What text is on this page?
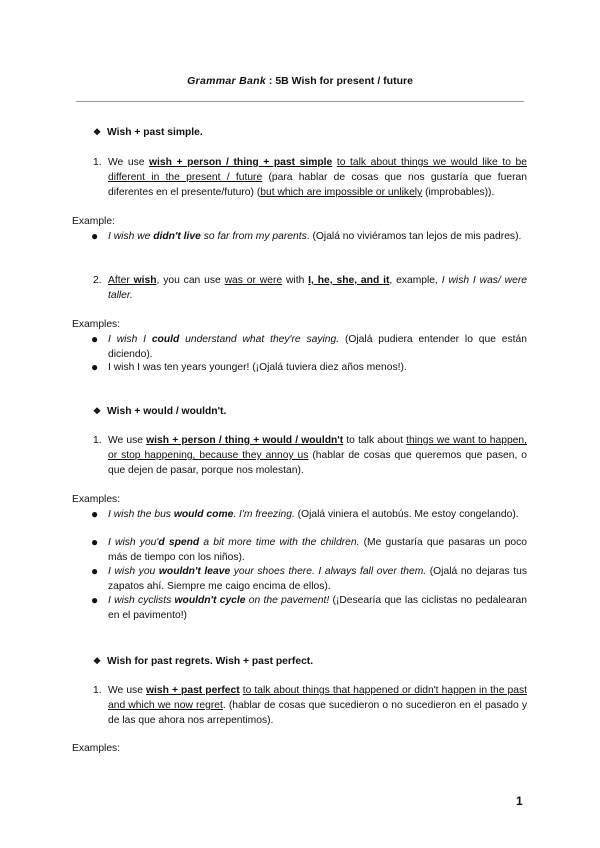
Grammar Bank : 5B Wish for present / future
❖ Wish + past simple.
1. We use wish + person / thing + past simple to talk about things we would like to be different in the present / future (para hablar de cosas que nos gustaría que fueran diferentes en el presente/futuro) (but which are impossible or unlikely (improbables)).
Example:
● I wish we didn't live so far from my parents. (Ojalá no viviéramos tan lejos de mis padres).
2. After wish, you can use was or were with I, he, she, and it, example, I wish I was/ were taller.
Examples:
● I wish I could understand what they're saying. (Ojalá pudiera entender lo que están diciendo).
● I wish I was ten years younger! (¡Ojalá tuviera diez años menos!).
❖ Wish + would / wouldn't.
1. We use wish + person / thing + would / wouldn't to talk about things we want to happen, or stop happening, because they annoy us (hablar de cosas que queremos que pasen, o que dejen de pasar, porque nos molestan).
Examples:
● I wish the bus would come. I'm freezing. (Ojalá viniera el autobús. Me estoy congelando).
● I wish you'd spend a bit more time with the children. (Me gustaría que pasaras un poco más de tiempo con los niños).
● I wish you wouldn't leave your shoes there. I always fall over them. (Ojalá no dejaras tus zapatos ahí. Siempre me caigo encima de ellos).
● I wish cyclists wouldn't cycle on the pavement! (¡Desearía que las ciclistas no pedalearan en el pavimento!)
❖ Wish for past regrets. Wish + past perfect.
1. We use wish + past perfect to talk about things that happened or didn't happen in the past and which we now regret. (hablar de cosas que sucedieron o no sucedieron en el pasado y de las que ahora nos arrepentimos).
Examples:
1
